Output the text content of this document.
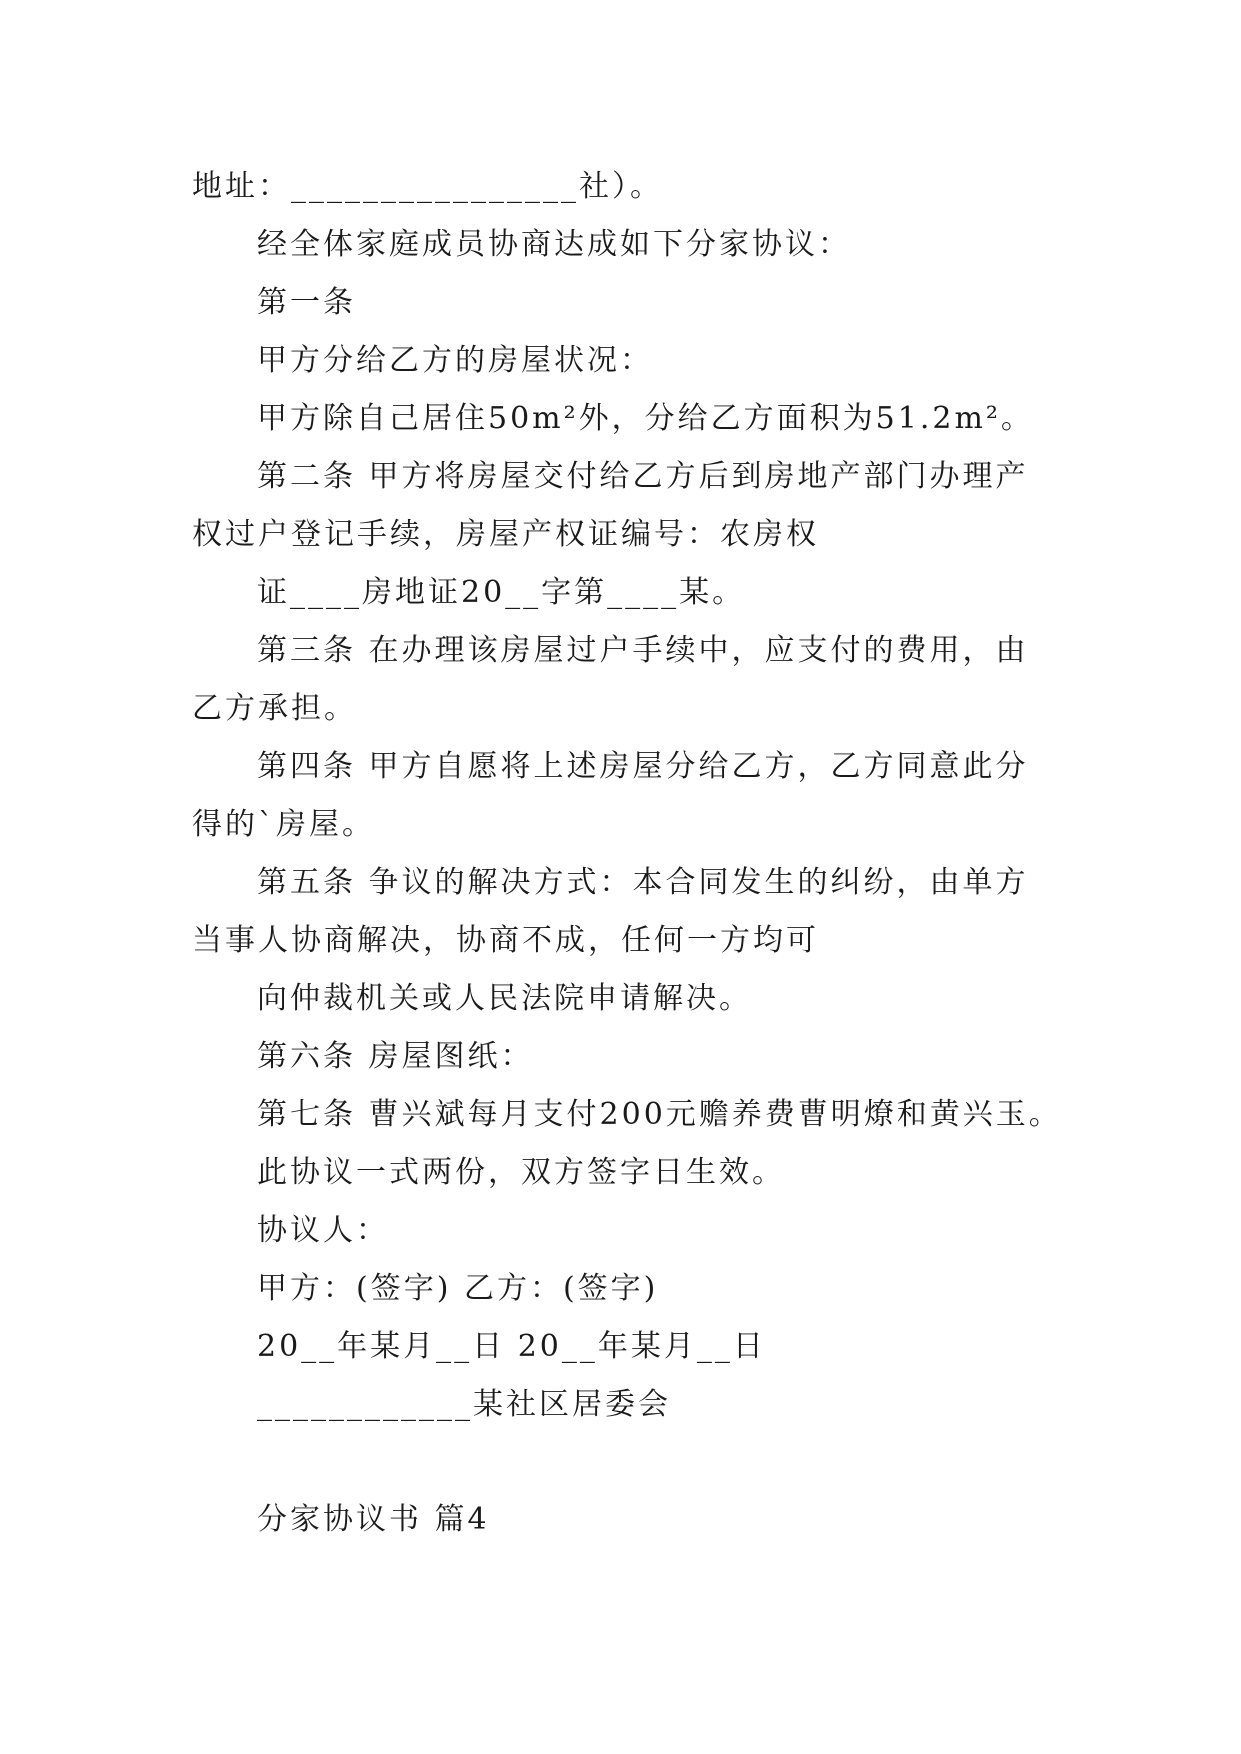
地址：________________社）。
经全体家庭成员协商达成如下分家协议：
第一条
甲方分给乙方的房屋状况：
甲方除自己居住50m²外，分给乙方面积为51.2m²。
第二条 甲方将房屋交付给乙方后到房地产部门办理产
权过户登记手续，房屋产权证编号：农房权
证____房地证20__字第____某。
第三条 在办理该房屋过户手续中，应支付的费用，由
乙方承担。
第四条 甲方自愿将上述房屋分给乙方，乙方同意此分
得的`房屋。
第五条 争议的解决方式：本合同发生的纠纷，由单方
当事人协商解决，协商不成，任何一方均可
向仲裁机关或人民法院申请解决。
第六条 房屋图纸：
第七条 曹兴斌每月支付200元赡养费曹明燎和黄兴玉。
此协议一式两份，双方签字日生效。
协议人：
甲方：(签字) 乙方：(签字)
20__年某月__日 20__年某月__日
____________某社区居委会
分家协议书 篇4
